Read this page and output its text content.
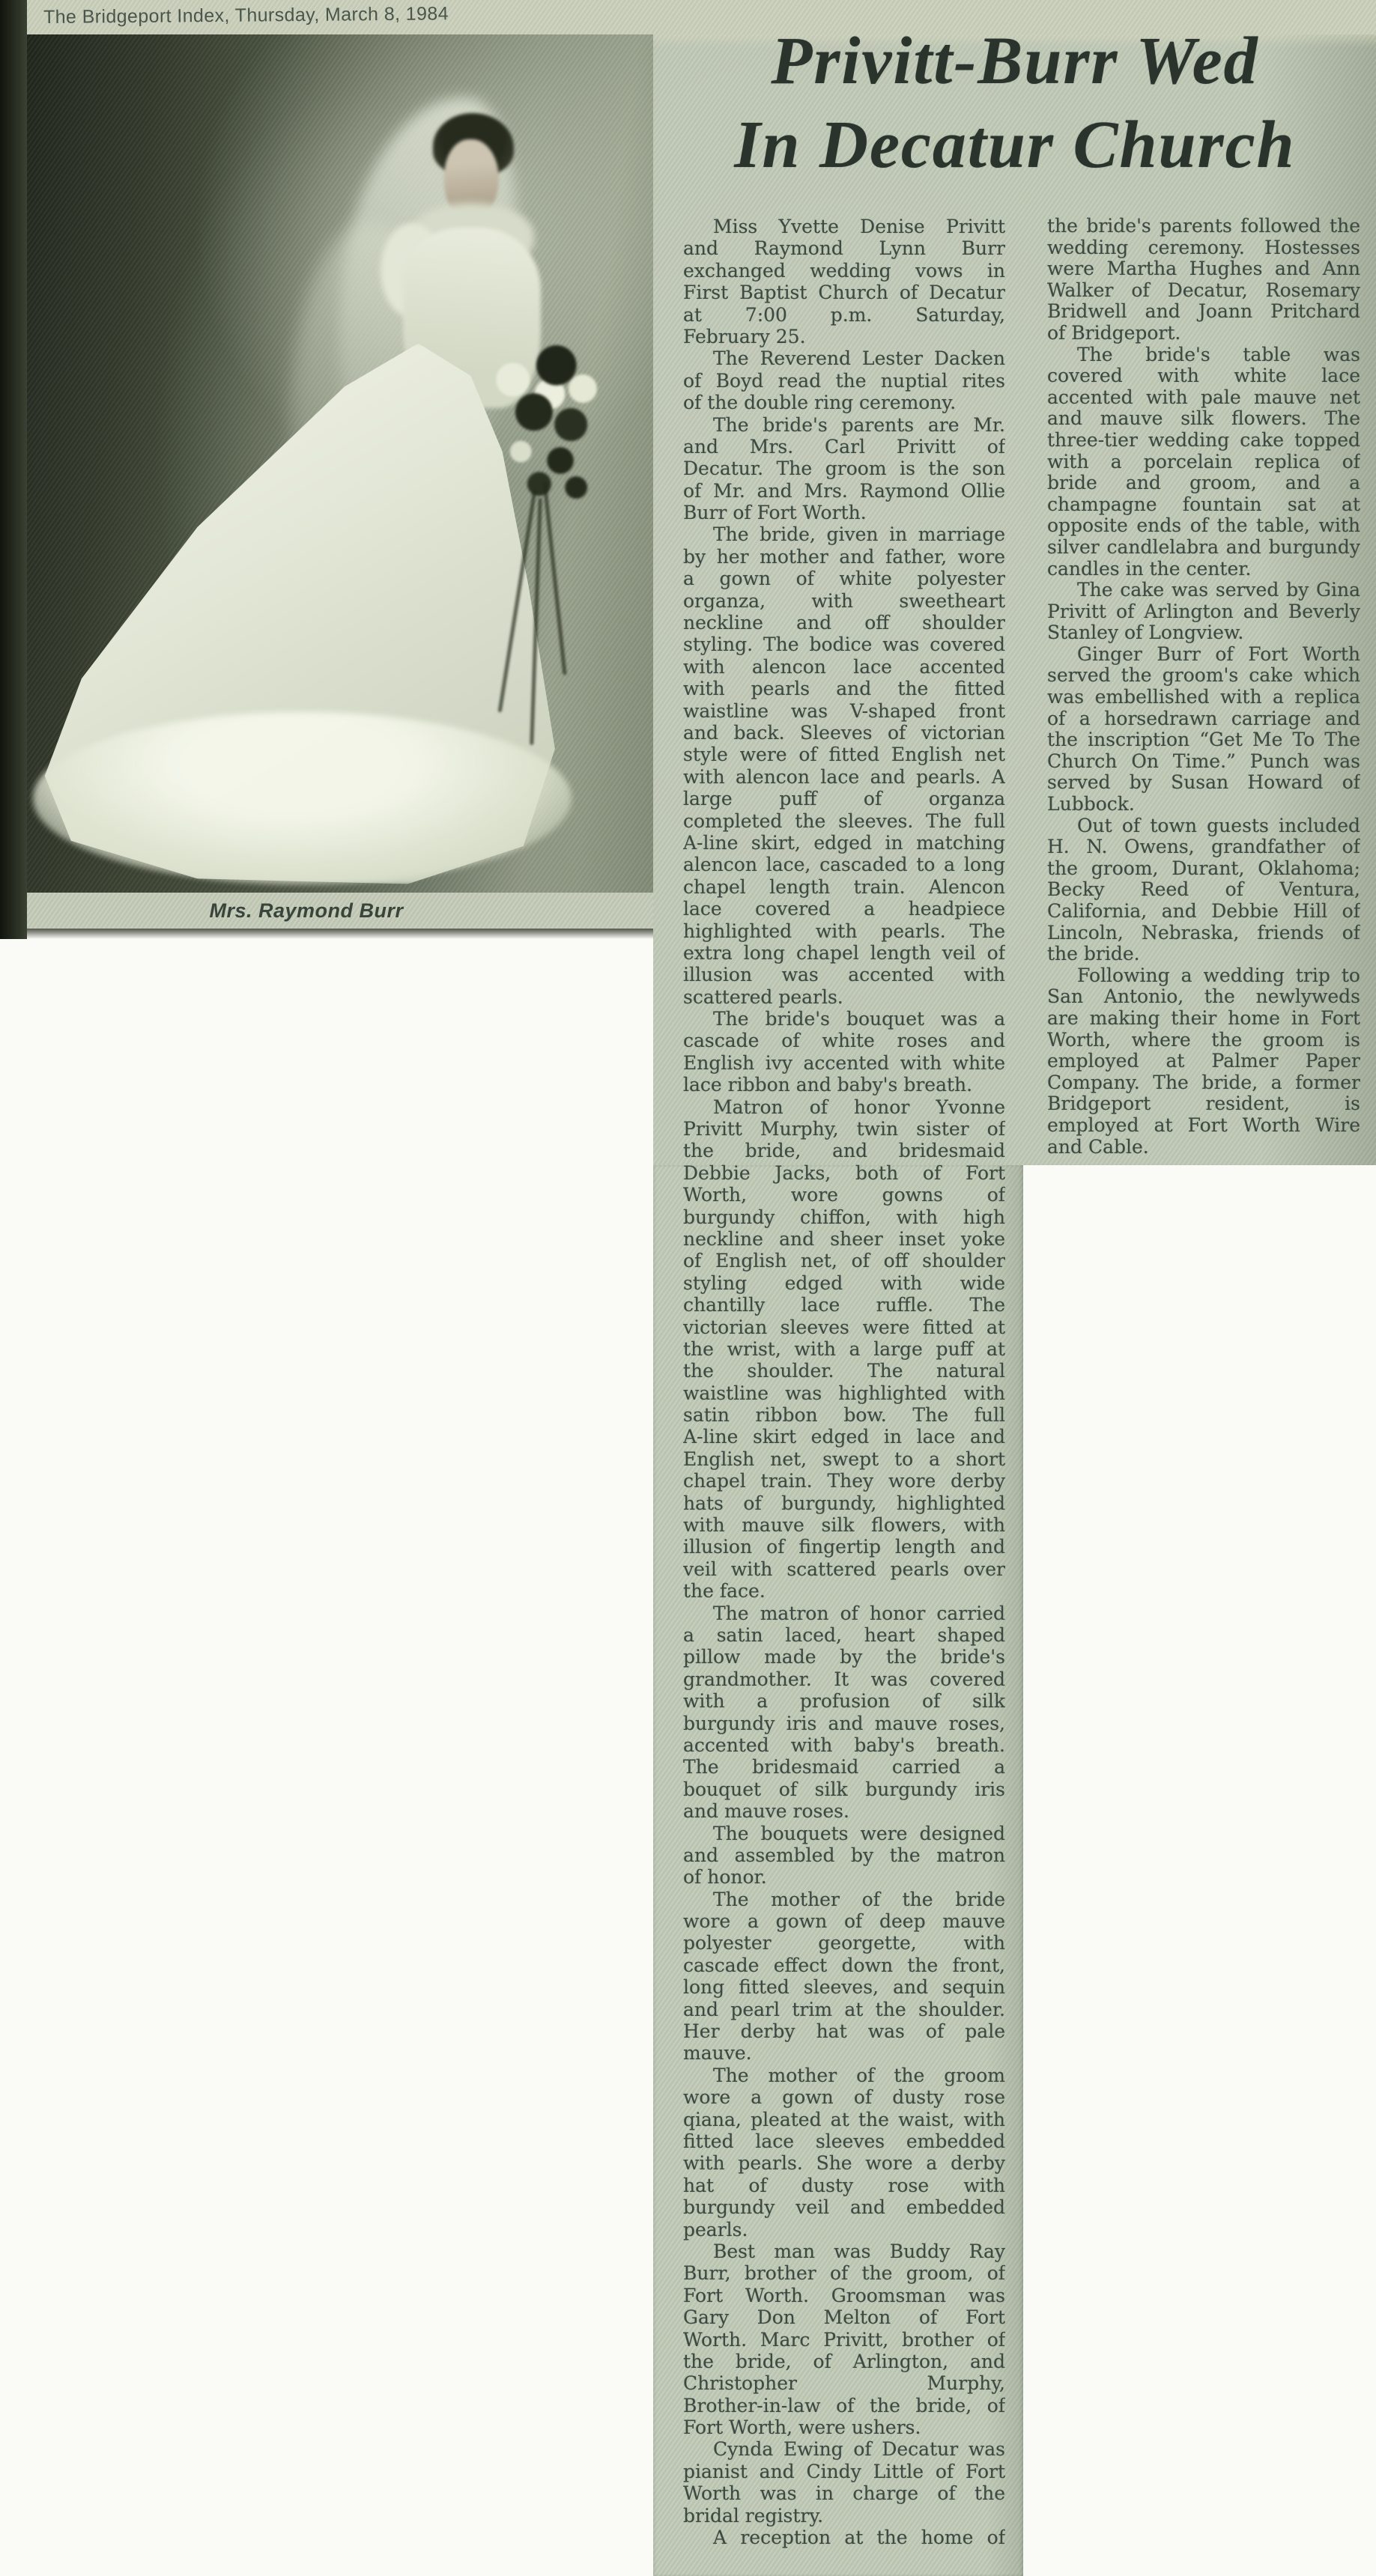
Mrs. Raymond Burr
The Bridgeport Index, Thursday, March 8, 1984
Privitt-Burr Wed
In Decatur Church
Miss Yvette Denise Privitt
and Raymond Lynn Burr
exchanged wedding vows in
First Baptist Church of Decatur
at 7:00 p.m. Saturday,
February 25.
The Reverend Lester Dacken
of Boyd read the nuptial rites
of the double ring ceremony.
The bride's parents are Mr.
and Mrs. Carl Privitt of
Decatur. The groom is the son
of Mr. and Mrs. Raymond Ollie
Burr of Fort Worth.
The bride, given in marriage
by her mother and father, wore
a gown of white polyester
organza, with sweetheart
neckline and off shoulder
styling. The bodice was covered
with alencon lace accented
with pearls and the fitted
waistline was V-shaped front
and back. Sleeves of victorian
style were of fitted English net
with alencon lace and pearls. A
large puff of organza
completed the sleeves. The full
A-line skirt, edged in matching
alencon lace, cascaded to a long
chapel length train. Alencon
lace covered a headpiece
highlighted with pearls. The
extra long chapel length veil of
illusion was accented with
scattered pearls.
The bride's bouquet was a
cascade of white roses and
English ivy accented with white
lace ribbon and baby's breath.
Matron of honor Yvonne
Privitt Murphy, twin sister of
the bride, and bridesmaid
Debbie Jacks, both of Fort
Worth, wore gowns of
burgundy chiffon, with high
neckline and sheer inset yoke
of English net, of off shoulder
styling edged with wide
chantilly lace ruffle. The
victorian sleeves were fitted at
the wrist, with a large puff at
the shoulder. The natural
waistline was highlighted with
satin ribbon bow. The full
A-line skirt edged in lace and
English net, swept to a short
chapel train. They wore derby
hats of burgundy, highlighted
with mauve silk flowers, with
illusion of fingertip length and
veil with scattered pearls over
the face.
The matron of honor carried
a satin laced, heart shaped
pillow made by the bride's
grandmother. It was covered
with a profusion of silk
burgundy iris and mauve roses,
accented with baby's breath.
The bridesmaid carried a
bouquet of silk burgundy iris
and mauve roses.
The bouquets were designed
and assembled by the matron
of honor.
The mother of the bride
wore a gown of deep mauve
polyester georgette, with
cascade effect down the front,
long fitted sleeves, and sequin
and pearl trim at the shoulder.
Her derby hat was of pale
mauve.
The mother of the groom
wore a gown of dusty rose
qiana, pleated at the waist, with
fitted lace sleeves embedded
with pearls. She wore a derby
hat of dusty rose with
burgundy veil and embedded
pearls.
Best man was Buddy Ray
Burr, brother of the groom, of
Fort Worth. Groomsman was
Gary Don Melton of Fort
Worth. Marc Privitt, brother of
the bride, of Arlington, and
Christopher Murphy,
Brother-in-law of the bride, of
Fort Worth, were ushers.
Cynda Ewing of Decatur was
pianist and Cindy Little of Fort
Worth was in charge of the
bridal registry.
A reception at the home of
the bride's parents followed the
wedding ceremony. Hostesses
were Martha Hughes and Ann
Walker of Decatur, Rosemary
Bridwell and Joann Pritchard
of Bridgeport.
The bride's table was
covered with white lace
accented with pale mauve net
and mauve silk flowers. The
three-tier wedding cake topped
with a porcelain replica of
bride and groom, and a
champagne fountain sat at
opposite ends of the table, with
silver candlelabra and burgundy
candles in the center.
The cake was served by Gina
Privitt of Arlington and Beverly
Stanley of Longview.
Ginger Burr of Fort Worth
served the groom's cake which
was embellished with a replica
of a horsedrawn carriage and
the inscription “Get Me To The
Church On Time.” Punch was
served by Susan Howard of
Lubbock.
Out of town guests included
H. N. Owens, grandfather of
the groom, Durant, Oklahoma;
Becky Reed of Ventura,
California, and Debbie Hill of
Lincoln, Nebraska, friends of
the bride.
Following a wedding trip to
San Antonio, the newlyweds
are making their home in Fort
Worth, where the groom is
employed at Palmer Paper
Company. The bride, a former
Bridgeport resident, is
employed at Fort Worth Wire
and Cable.
